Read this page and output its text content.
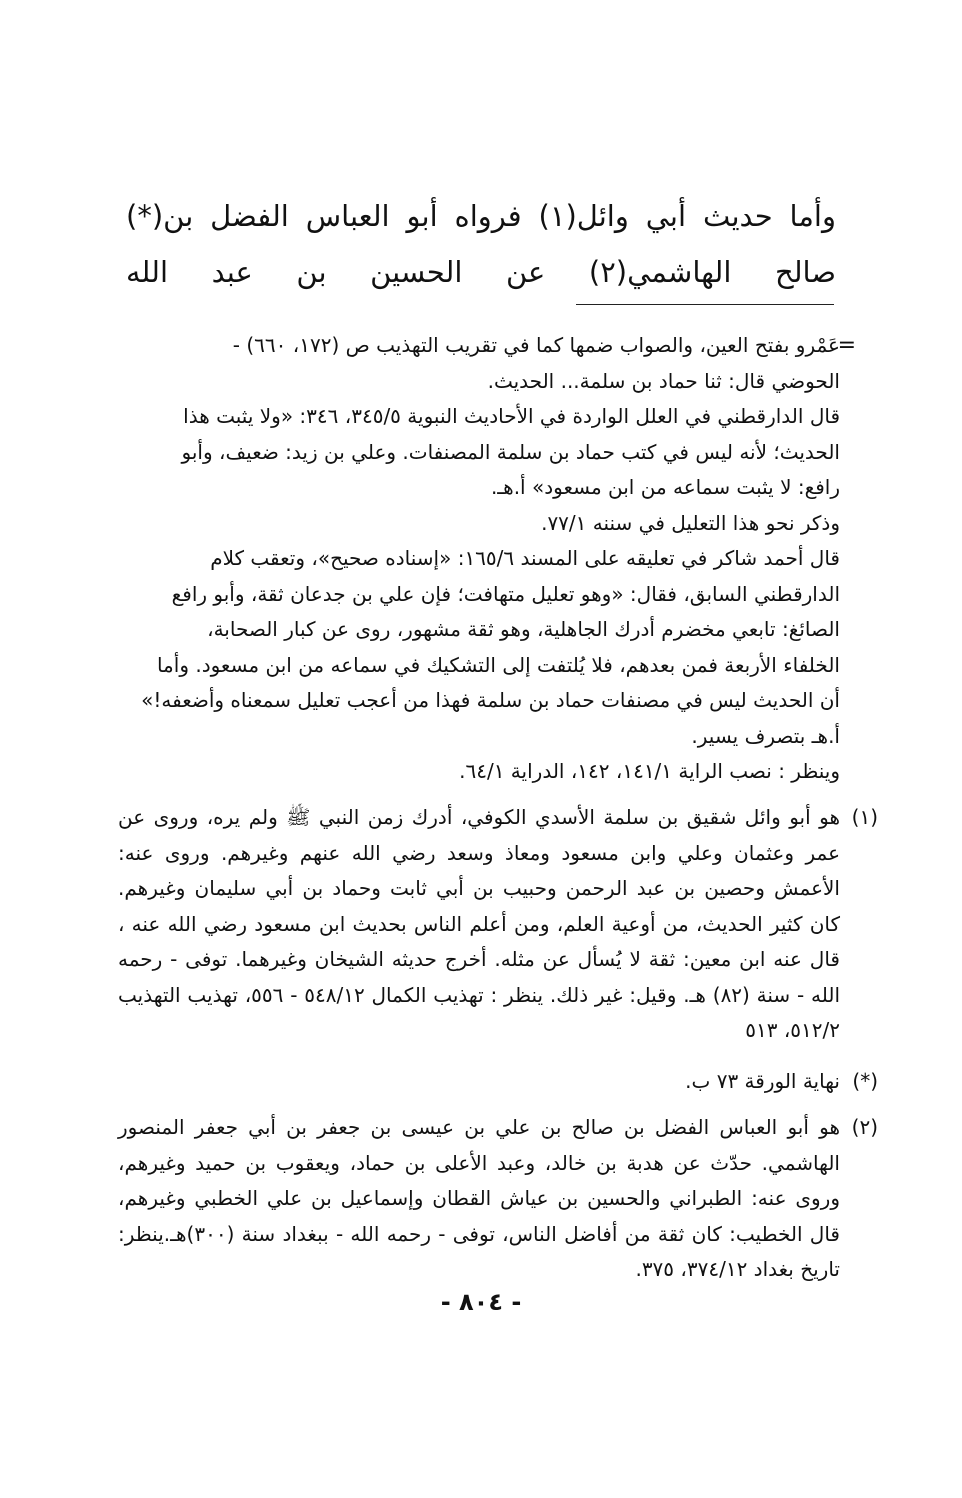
وأما حديث أبي وائل(١) فرواه أبو العباس الفضل بن(*)
صالح الهاشمي(٢) عن الحسين بن عبد الله
=

عَمْرو بفتح العين، والصواب ضمها كما في تقريب التهذيب ص (١٧٢، ٦٦٠) -

الحوضي قال: ثنا حماد بن سلمة... الحديث.

قال الدارقطني في العلل الواردة في الأحاديث النبوية ٣٤٥/٥، ٣٤٦: «ولا يثبت هذا

الحديث؛ لأنه ليس في كتب حماد بن سلمة المصنفات. وعلي بن زيد: ضعيف، وأبو

رافع: لا يثبت سماعه من ابن مسعود» أ.هـ.

وذكر نحو هذا التعليل في سننه ٧٧/١.

قال أحمد شاكر في تعليقه على المسند ١٦٥/٦: «إسناده صحيح»، وتعقب كلام

الدارقطني السابق، فقال: «وهو تعليل متهافت؛ فإن علي بن جدعان ثقة، وأبو رافع

الصائغ: تابعي مخضرم أدرك الجاهلية، وهو ثقة مشهور، روى عن كبار الصحابة،

الخلفاء الأربعة فمن بعدهم، فلا يُلتفت إلى التشكيك في سماعه من ابن مسعود. وأما

أن الحديث ليس في مصنفات حماد بن سلمة فهذا من أعجب تعليل سمعناه وأضعفه!»

أ.هـ بتصرف يسير.

وينظر : نصب الراية ١٤١/١، ١٤٢، الدراية ٦٤/١.

(١)
هو أبو وائل شقيق بن سلمة الأسدي الكوفي، أدرك زمن النبي ﷺ ولم يره، وروى عن عمر وعثمان وعلي وابن مسعود ومعاذ وسعد رضي الله عنهم وغيرهم. وروى عنه: الأعمش وحصين بن عبد الرحمن وحبيب بن أبي ثابت وحماد بن أبي سليمان وغيرهم. كان كثير الحديث، من أوعية العلم، ومن أعلم الناس بحديث ابن مسعود رضي الله عنه ، قال عنه ابن معين: ثقة لا يُسأل عن مثله. أخرج حديثه الشيخان وغيرهما. توفى - رحمه الله - سنة (٨٢) هـ. وقيل: غير ذلك. ينظر : تهذيب الكمال ٥٤٨/١٢ - ٥٥٦، تهذيب التهذيب ٥١٢/٢، ٥١٣
(*)
نهاية الورقة ٧٣ ب.
(٢)
هو أبو العباس الفضل بن صالح بن علي بن عيسى بن جعفر بن أبي جعفر المنصور الهاشمي. حدّث عن هدبة بن خالد، وعبد الأعلى بن حماد، ويعقوب بن حميد وغيرهم، وروى عنه: الطبراني والحسين بن عياش القطان وإسماعيل بن علي الخطبي وغيرهم، قال الخطيب: كان ثقة من أفاضل الناس، توفى - رحمه الله - ببغداد سنة (٣٠٠)هـ.ينظر: تاريخ بغداد ٣٧٤/١٢، ٣٧٥.
- ٨٠٤ -
